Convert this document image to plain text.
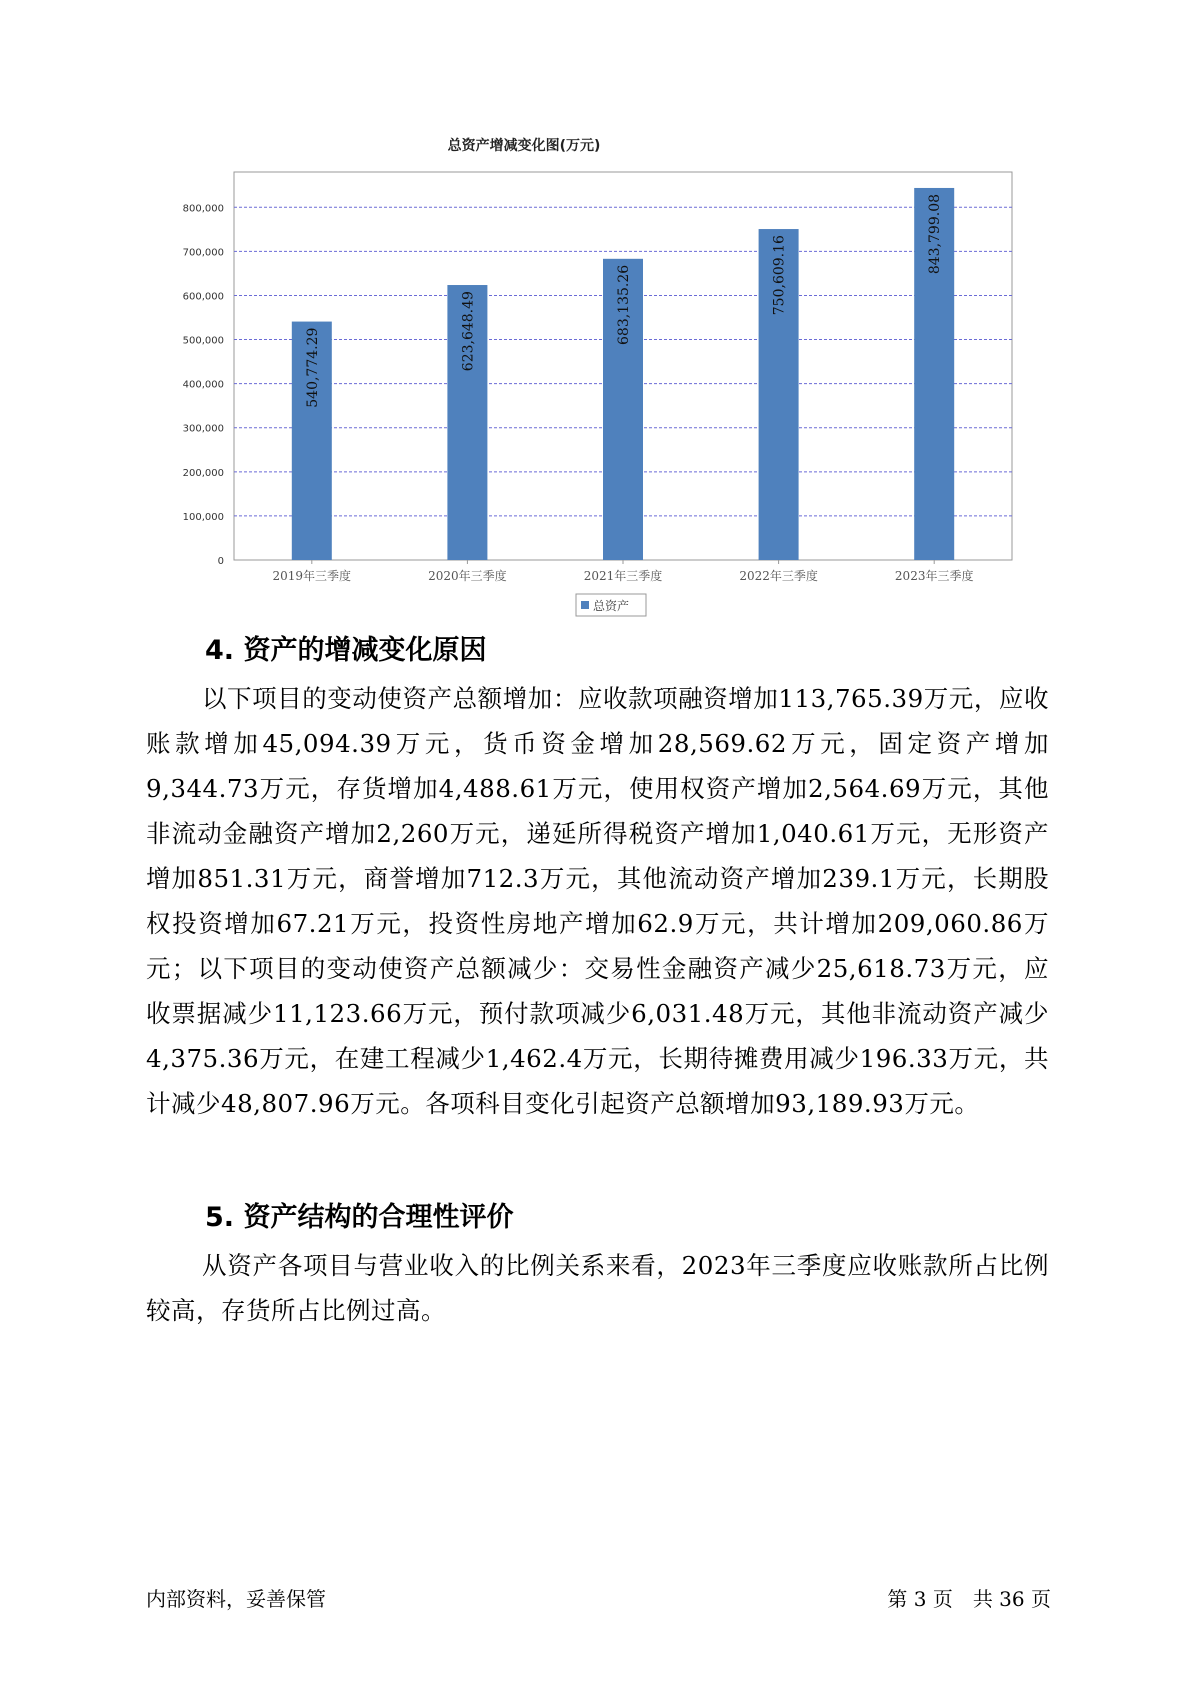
总资产增减变化图(万元)
0
100,000
200,000
300,000
400,000
500,000
600,000
700,000
800,000
540,774.29
2019年三季度
623,648.49
2020年三季度
683,135.26
2021年三季度
750,609.16
2022年三季度
843,799.08
2023年三季度
总资产
4. 资产的增减变化原因

以下项目的变动使资产总额增加：应收款项融资增加113,765.39万元，应收账款增加45,094.39万元，货币资金增加28,569.62万元，固定资产增加9,344.73万元，存货增加4,488.61万元，使用权资产增加2,564.69万元，其他非流动金融资产增加2,260万元，递延所得税资产增加1,040.61万元，无形资产增加851.31万元，商誉增加712.3万元，其他流动资产增加239.1万元，长期股权投资增加67.21万元，投资性房地产增加62.9万元，共计增加209,060.86万元；以下项目的变动使资产总额减少：交易性金融资产减少25,618.73万元，应收票据减少11,123.66万元，预付款项减少6,031.48万元，其他非流动资产减少4,375.36万元，在建工程减少1,462.4万元，长期待摊费用减少196.33万元，共计减少48,807.96万元。各项科目变化引起资产总额增加93,189.93万元。

5. 资产结构的合理性评价

从资产各项目与营业收入的比例关系来看，2023年三季度应收账款所占比例较高，存货所占比例过高。

内部资料，妥善保管	第 3 页　共 36 页
